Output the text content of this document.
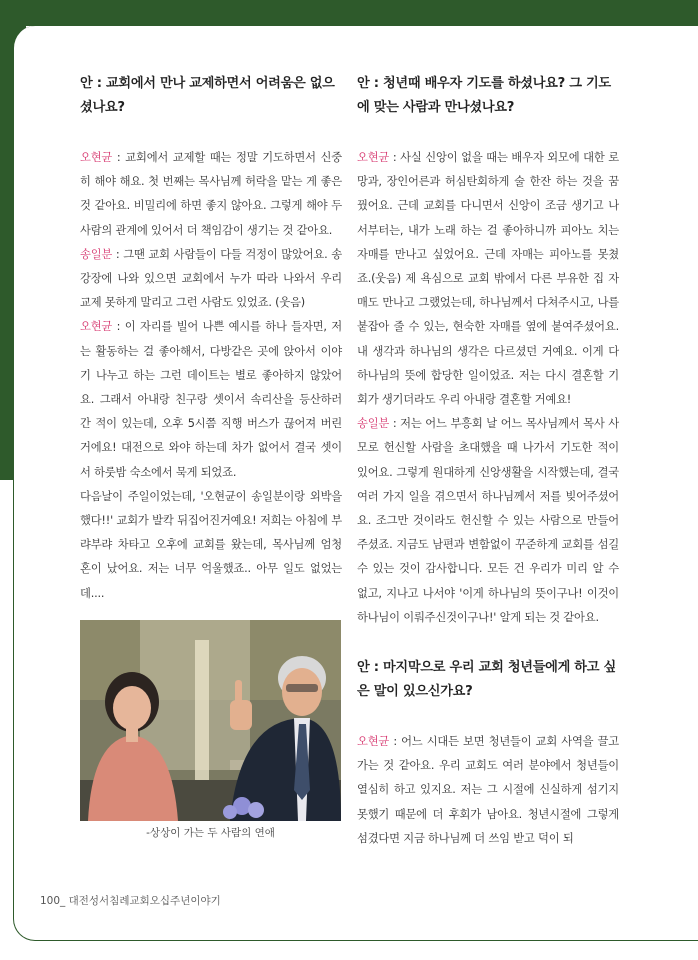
안 : 교회에서 만나 교제하면서 어려움은 없으셨나요?

오현균 : 교회에서 교제할 때는 정말 기도하면서 신중히 해야 해요. 첫 번째는 목사님께 허락을 맡는 게 좋은 것 같아요. 비밀리에 하면 좋지 않아요. 그렇게 해야 두 사람의 관계에 있어서 더 책임감이 생기는 것 같아요.

송일분 : 그땐 교회 사람들이 다들 걱정이 많았어요. 송강장에 나와 있으면 교회에서 누가 따라 나와서 우리 교제 못하게 말리고 그런 사람도 있었죠. (웃음)

오현균 : 이 자리를 빌어 나쁜 예시를 하나 들자면, 저는 활동하는 걸 좋아해서, 다방같은 곳에 앉아서 이야기 나누고 하는 그런 데이트는 별로 좋아하지 않았어요. 그래서 아내랑 친구랑 셋이서 속리산을 등산하러 간 적이 있는데, 오후 5시쯤 직행 버스가 끊어져 버린 거에요! 대전으로 와야 하는데 차가 없어서 결국 셋이서 하룻밤 숙소에서 묵게 되었죠.

다음날이 주일이었는데, '오현균이 송일분이랑 외박을 했다!!' 교회가 발칵 뒤집어진거예요! 저희는 아침에 부랴부랴 차타고 오후에 교회를 왔는데, 목사님께 엄청 혼이 났어요. 저는 너무 억울했죠.. 아무 일도 없었는데....

-상상이 가는 두 사람의 연애

안 : 청년때 배우자 기도를 하셨나요? 그 기도에 맞는 사람과 만나셨나요?

오현균 : 사실 신앙이 없을 때는 배우자 외모에 대한 로망과, 장인어른과 허심탄회하게 술 한잔 하는 것을 꿈꿨어요. 근데 교회를 다니면서 신앙이 조금 생기고 나서부터는, 내가 노래 하는 걸 좋아하니까 피아노 치는 자매를 만나고 싶었어요. 근데 자매는 피아노를 못쳤죠.(웃음) 제 욕심으로 교회 밖에서 다른 부유한 집 자매도 만나고 그랬었는데, 하나님께서 다쳐주시고, 나를 붙잡아 줄 수 있는, 현숙한 자매를 옆에 붙여주셨어요. 내 생각과 하나님의 생각은 다르셨던 거예요. 이게 다 하나님의 뜻에 합당한 일이었죠. 저는 다시 결혼할 기회가 생기더라도 우리 아내랑 결혼할 거예요!

송일분 : 저는 어느 부흥회 날 어느 목사님께서 목사 사모로 헌신할 사람을 초대했을 때 나가서 기도한 적이 있어요. 그렇게 원대하게 신앙생활을 시작했는데, 결국 여러 가지 일을 겪으면서 하나님께서 저를 빚어주셨어요. 조그만 것이라도 헌신할 수 있는 사람으로 만들어주셨죠. 지금도 남편과 변함없이 꾸준하게 교회를 섬길 수 있는 것이 감사합니다. 모든 건 우리가 미리 알 수 없고, 지나고 나서야 '이게 하나님의 뜻이구나! 이것이 하나님이 이뤄주신것이구나!' 알게 되는 것 같아요.

안 : 마지막으로 우리 교회 청년들에게 하고 싶은 말이 있으신가요?

오현균 : 어느 시대든 보면 청년들이 교회 사역을 끌고 가는 것 같아요. 우리 교회도 여러 분야에서 청년들이 열심히 하고 있지요. 저는 그 시절에 신실하게 섬기지 못했기 때문에 더 후회가 남아요. 청년시절에 그렇게 섬겼다면 지금 하나님께 더 쓰임 받고 덕이 되

100_ 대전성서침례교회오십주년이야기
